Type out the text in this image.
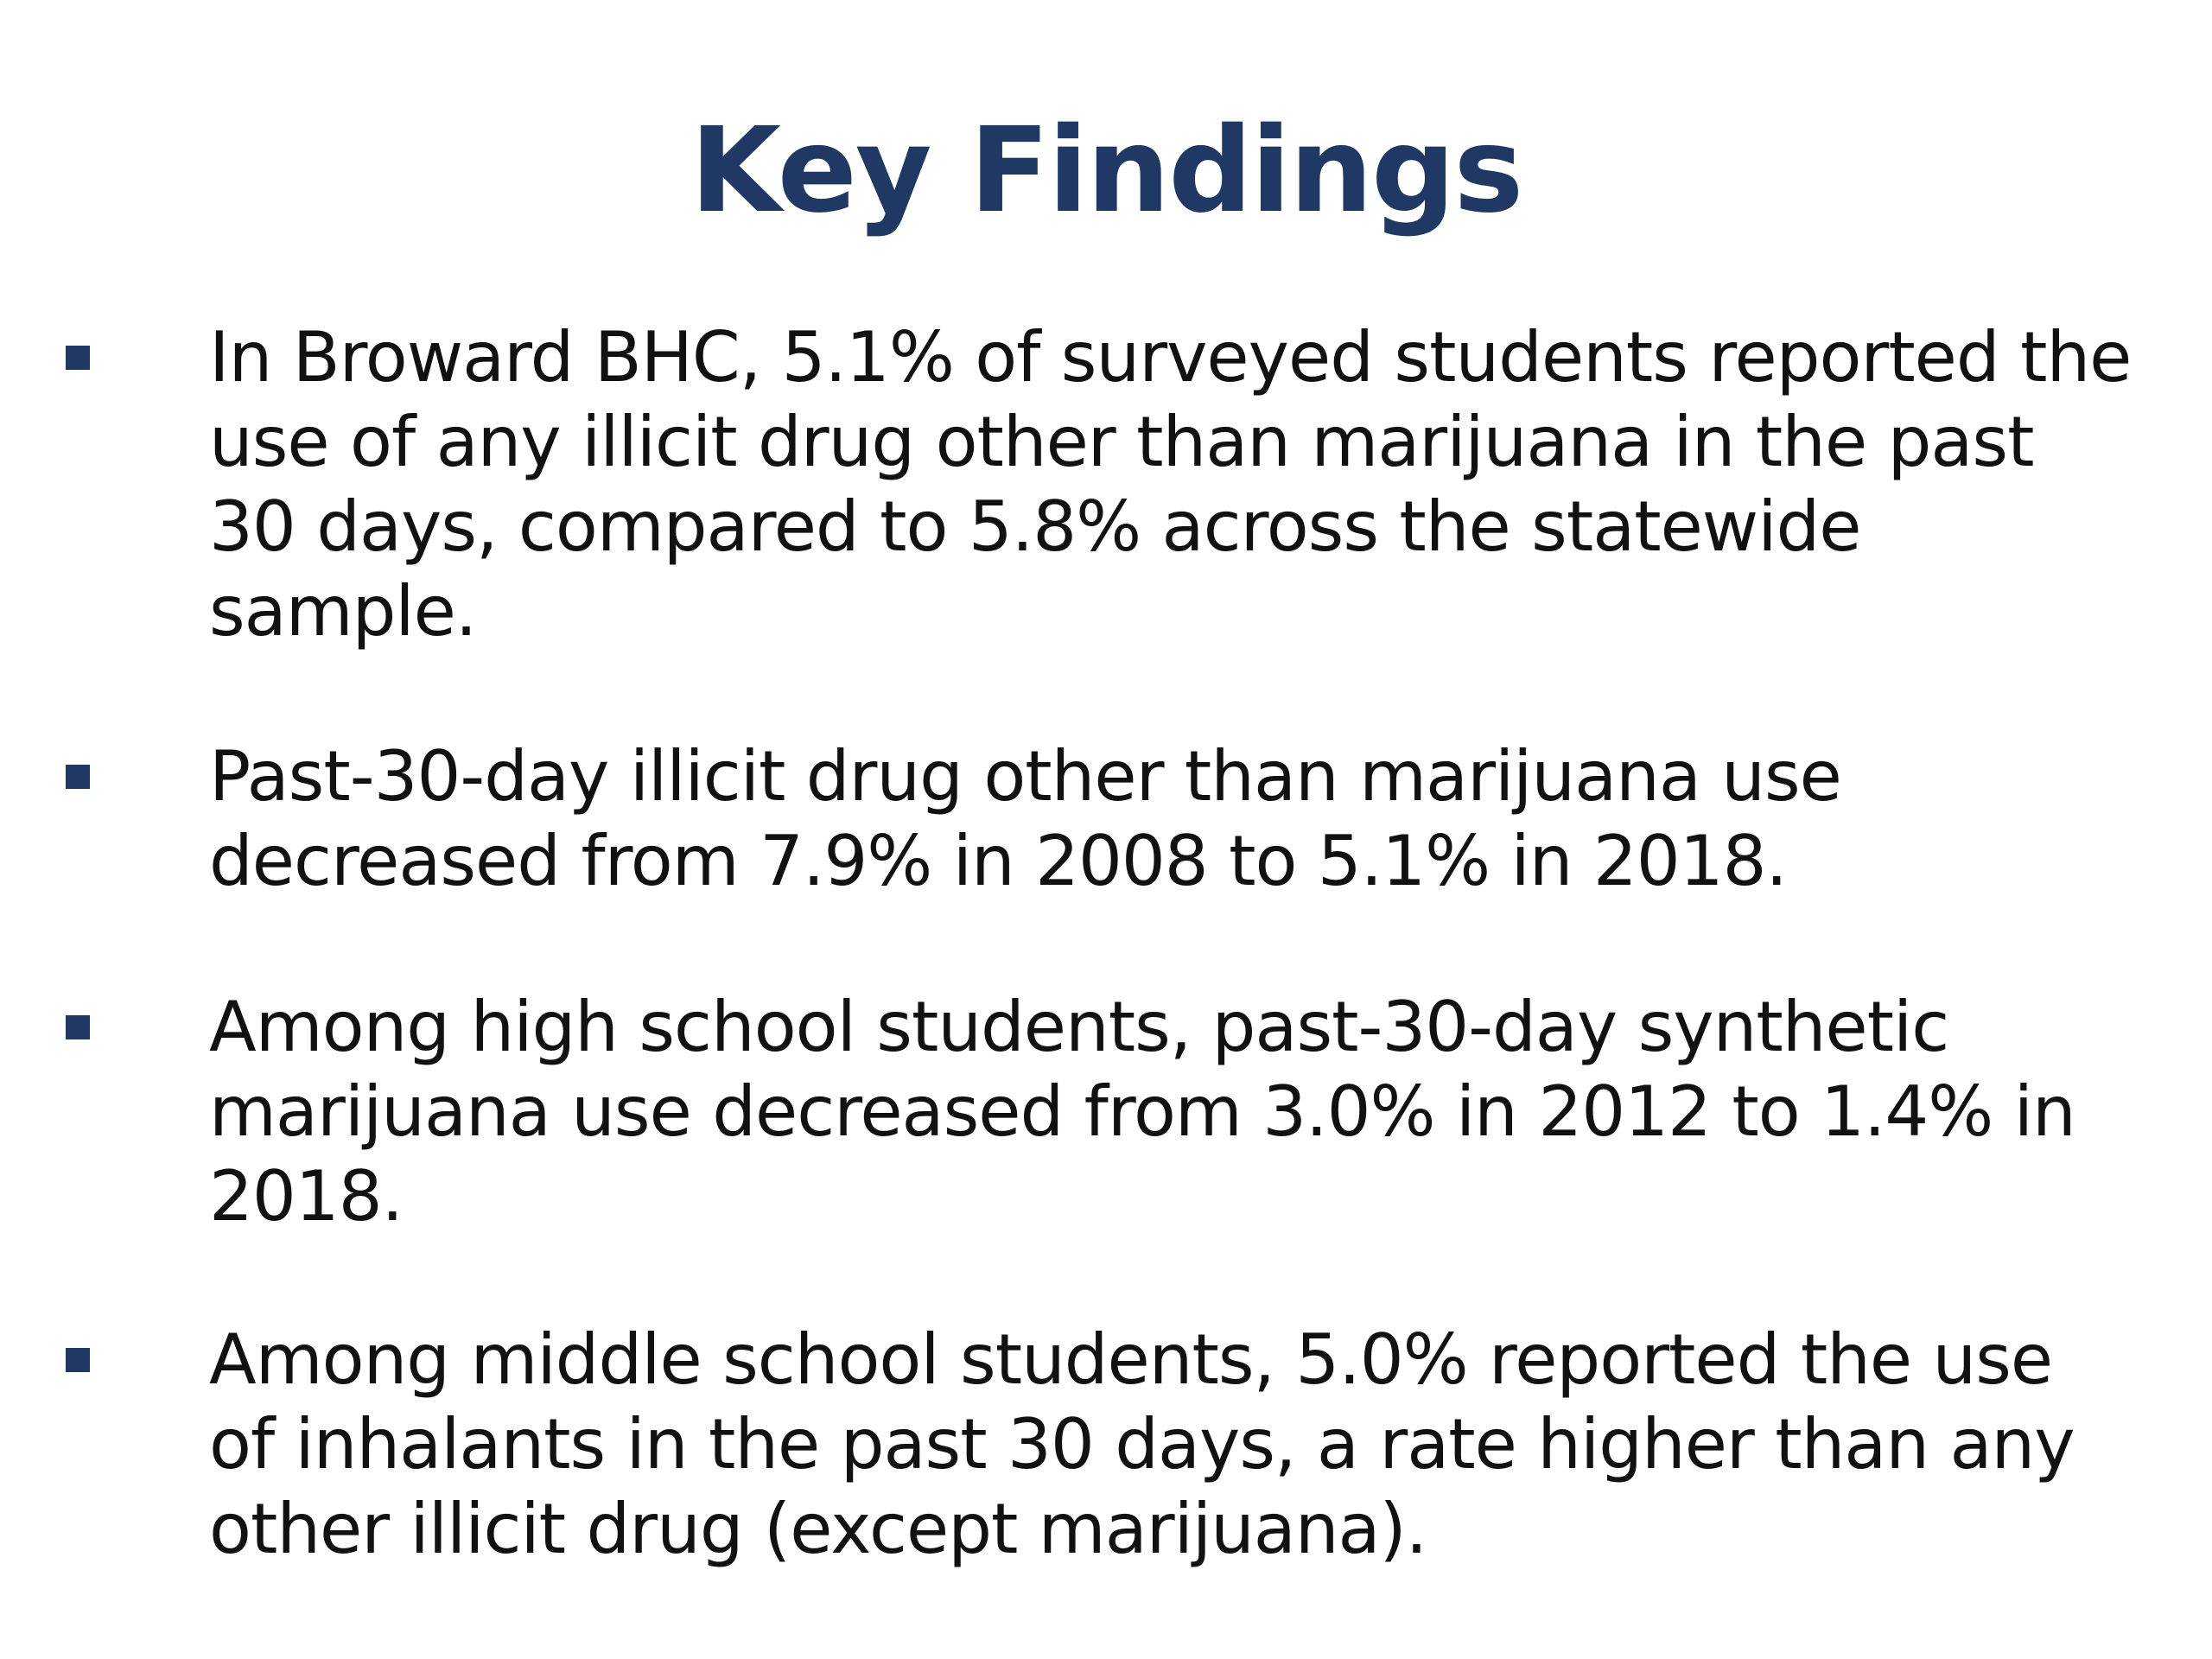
Key Findings
In Broward BHC, 5.1% of surveyed students reported the use of any illicit drug other than marijuana in the past 30 days, compared to 5.8% across the statewide sample.
Past-30-day illicit drug other than marijuana use decreased from 7.9% in 2008 to 5.1% in 2018.
Among high school students, past-30-day synthetic marijuana use decreased from 3.0% in 2012 to 1.4% in 2018.
Among middle school students, 5.0% reported the use of inhalants in the past 30 days, a rate higher than any other illicit drug (except marijuana).
